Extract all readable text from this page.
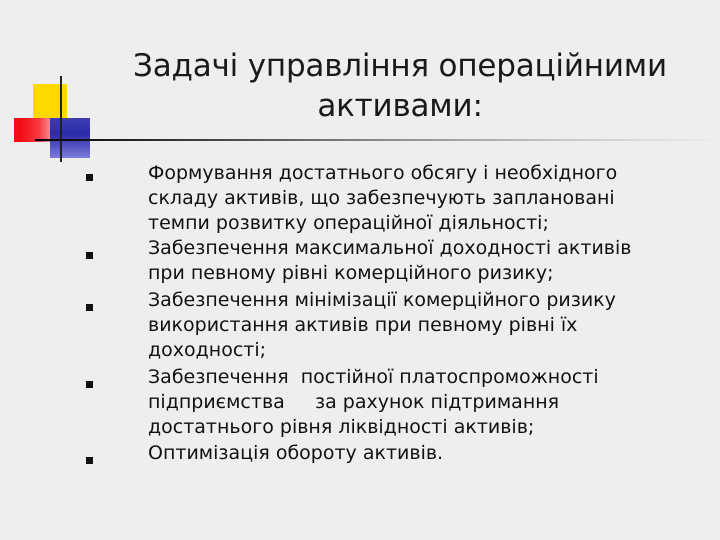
Задачі управління операційними
активами:
Формування достатнього обсягу і необхідного
складу активів, що забезпечують заплановані
темпи розвитку операційної діяльності;
Забезпечення максимальної доходності активів
при певному рівні комерційного ризику;
Забезпечення мінімізації комерційного ризику
використання активів при певному рівні їх
доходності;
Забезпечення  постійної платоспроможності
підприємства     за рахунок підтримання
достатнього рівня ліквідності активів;
Оптимізація обороту активів.
